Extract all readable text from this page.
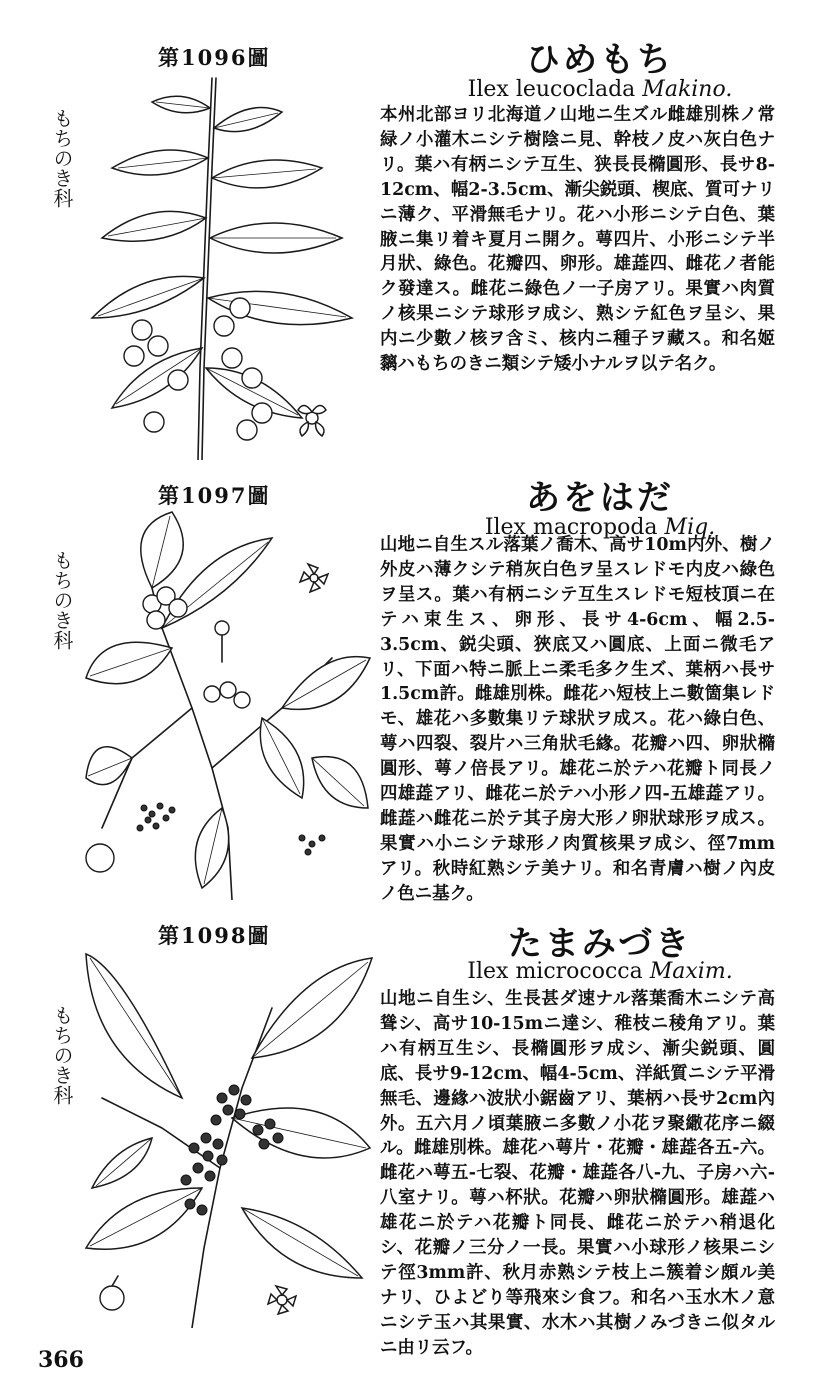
第1096圖
もちのき科
ひめもち
Ilex leucoclada Makino.

本州北部ヨリ北海道ノ山地ニ生ズル雌雄別株ノ常緑ノ小灌木ニシテ樹陰ニ見、幹枝ノ皮ハ灰白色ナリ。葉ハ有柄ニシテ互生、狭長長橢圓形、長サ8-12cm、幅2-3.5cm、漸尖鋭頭、楔底、質可ナリニ薄ク、平滑無毛ナリ。花ハ小形ニシテ白色、葉腋ニ集リ着キ夏月ニ開ク。萼四片、小形ニシテ半月狀、綠色。花瓣四、卵形。雄蕋四、雌花ノ者能ク發達ス。雌花ニ綠色ノ一子房アリ。果實ハ肉質ノ核果ニシテ球形ヲ成シ、熟シテ紅色ヲ呈シ、果内ニ少數ノ核ヲ含ミ、核内ニ種子ヲ藏ス。和名姬黐ハもちのきニ類シテ矮小ナルヲ以テ名ク。

第1097圖
もちのき科
あをはだ
Ilex macropoda Miq.

山地ニ自生スル落葉ノ喬木、高サ10m内外、樹ノ外皮ハ薄クシテ稍灰白色ヲ呈スレドモ内皮ハ綠色ヲ呈ス。葉ハ有柄ニシテ互生スレドモ短枝頂ニ在テハ束生ス、卵形、長サ4-6cm、幅2.5-3.5cm、鋭尖頭、狹底又ハ圓底、上面ニ微毛アリ、下面ハ特ニ脈上ニ柔毛多ク生ズ、葉柄ハ長サ1.5cm許。雌雄別株。雌花ハ短枝上ニ數箇集レドモ、雄花ハ多數集リテ球狀ヲ成ス。花ハ綠白色、萼ハ四裂、裂片ハ三角狀毛緣。花瓣ハ四、卵狀橢圓形、萼ノ倍長アリ。雄花ニ於テハ花瓣ト同長ノ四雄蕋アリ、雌花ニ於テハ小形ノ四-五雄蕋アリ。雌蕋ハ雌花ニ於テ其子房大形ノ卵狀球形ヲ成ス。果實ハ小ニシテ球形ノ肉質核果ヲ成シ、徑7mmアリ。秋時紅熟シテ美ナリ。和名青膚ハ樹ノ內皮ノ色ニ基ク。

第1098圖
もちのき科
たまみづき
Ilex micrococca Maxim.

山地ニ自生シ、生長甚ダ速ナル落葉喬木ニシテ高聳シ、高サ10-15mニ達シ、稚枝ニ稜角アリ。葉ハ有柄互生シ、長橢圓形ヲ成シ、漸尖鋭頭、圓底、長サ9-12cm、幅4-5cm、洋紙質ニシテ平滑無毛、邊緣ハ波狀小鋸齒アリ、葉柄ハ長サ2cm內外。五六月ノ頃葉腋ニ多數ノ小花ヲ聚繖花序ニ綴ル。雌雄別株。雄花ハ萼片・花瓣・雄蕋各五-六。雌花ハ萼五-七裂、花瓣・雄蕋各八-九、子房ハ六-八室ナリ。萼ハ杯狀。花瓣ハ卵狀橢圓形。雄蕋ハ雄花ニ於テハ花瓣ト同長、雌花ニ於テハ稍退化シ、花瓣ノ三分ノ一長。果實ハ小球形ノ核果ニシテ徑3mm許、秋月赤熟シテ枝上ニ簇着シ頗ル美ナリ、ひよどり等飛來シ食フ。和名ハ玉水木ノ意ニシテ玉ハ其果實、水木ハ其樹ノみづきニ似タルニ由リ云フ。

366
